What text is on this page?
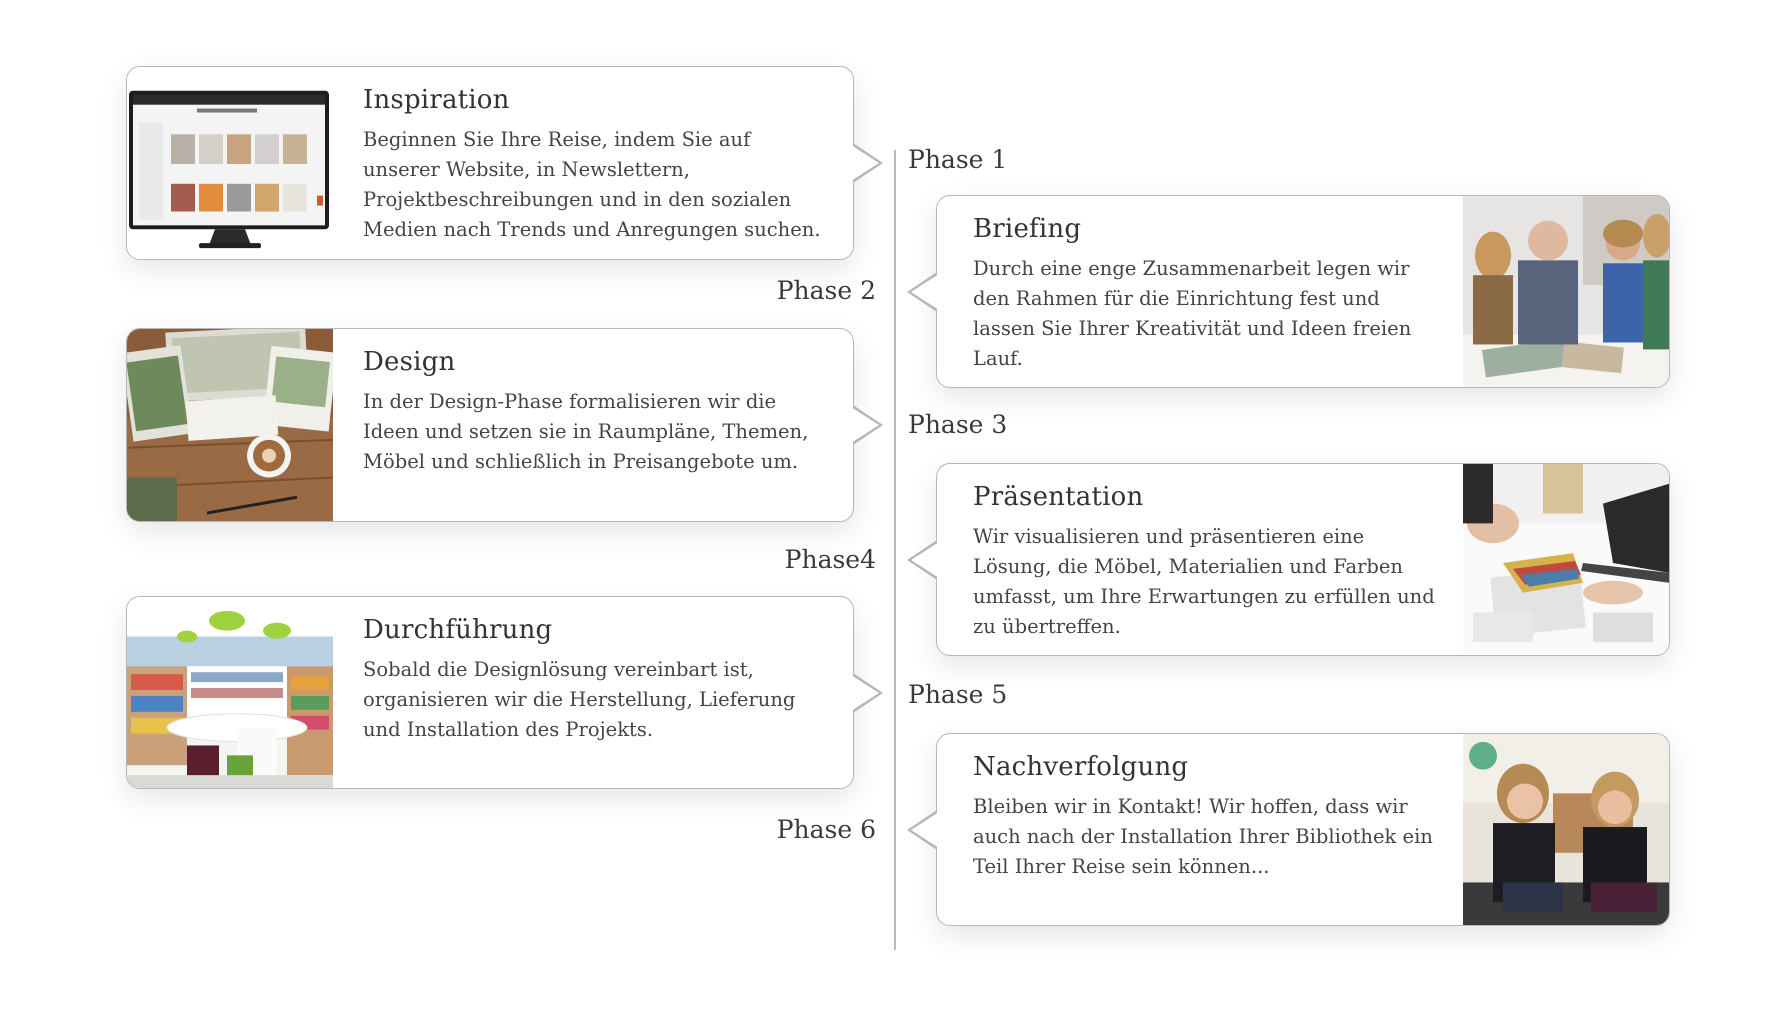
Phase 1
Phase 2
Phase 3
Phase4
Phase 5
Phase 6
Inspiration

Beginnen Sie Ihre Reise, indem Sie auf unserer Website, in Newslettern, Projektbeschreibungen und in den sozialen Medien nach Trends und Anregungen suchen.	Briefing

Durch eine enge Zusammenarbeit legen wir den Rahmen für die Einrichtung fest und lassen Sie Ihrer Kreativität und Ideen freien Lauf.

Design

In der Design-Phase formalisieren wir die Ideen und setzen sie in Raumpläne, Themen, Möbel und schließlich in Preisangebote um.

Präsentation

Wir visualisieren und präsentieren eine Lösung, die Möbel, Materialien und Farben umfasst, um Ihre Erwartungen zu erfüllen und zu übertreffen.

Durchführung

Sobald die Designlösung vereinbart ist, organisieren wir die Herstellung, Lieferung und Installation des Projekts.

Nachverfolgung

Bleiben wir in Kontakt! Wir hoffen, dass wir auch nach der Installation Ihrer Bibliothek ein Teil Ihrer Reise sein können...
